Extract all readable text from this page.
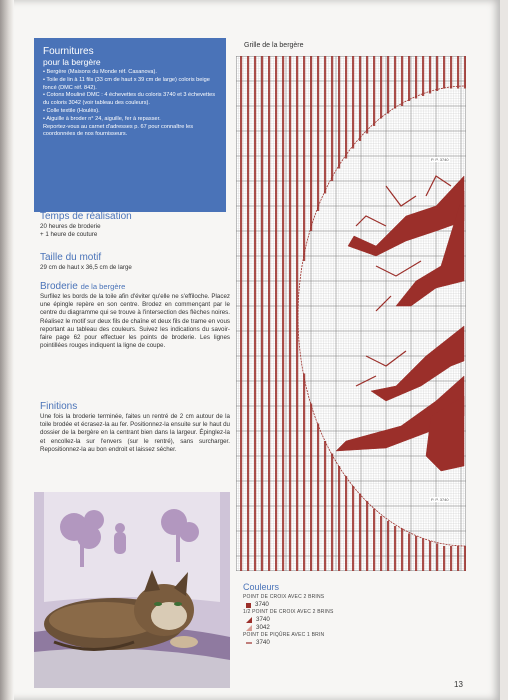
Fournitures
pour la bergère
• Bergère (Maisons du Monde réf. Casanova).
• Toile de lin à 11 fils (33 cm de haut x 39 cm de large) coloris beige foncé (DMC réf. 842).
• Cotons Mouliné DMC : 4 échevettes du coloris 3740 et 3 échevettes du coloris 3042 (voir tableau des couleurs).
• Colle textile (Houlès).
• Aiguille à broder n° 24, aiguille, fer à repasser.
Reportez-vous au carnet d'adresses p. 67 pour connaître les coordonnées de nos fournisseurs.
Temps de réalisation

20 heures de broderie

+ 1 heure de couture

Taille du motif

29 cm de haut x 36,5 cm de large

Broderie de la bergère

Surfilez les bords de la toile afin d'éviter qu'elle ne s'effiloche. Placez une épingle repère en son centre. Brodez en commençant par le centre du diagramme qui se trouve à l'intersection des flèches noires. Réalisez le motif sur deux fils de chaîne et deux fils de trame en vous reportant au tableau des couleurs. Suivez les indications du savoir-faire page 62 pour effectuer les points de broderie. Les lignes pointillées rouges indiquent la ligne de coupe.

Finitions

Une fois la broderie terminée, faites un rentré de 2 cm autour de la toile brodée et écrasez-la au fer. Positionnez-la ensuite sur le haut du dossier de la bergère en la centrant bien dans la largeur. Épinglez-la et encollez-la sur l'envers (sur le rentré), sans surcharger. Repositionnez-la au bon endroit et laissez sécher.

Grille de la bergère
P. P. 3740
P. P. 3740
Couleurs
POINT DE CROIX AVEC 2 BRINS
3740
1/2 POINT DE CROIX AVEC 2 BRINS
3740
3042
POINT DE PIQÛRE AVEC 1 BRIN
3740
13
